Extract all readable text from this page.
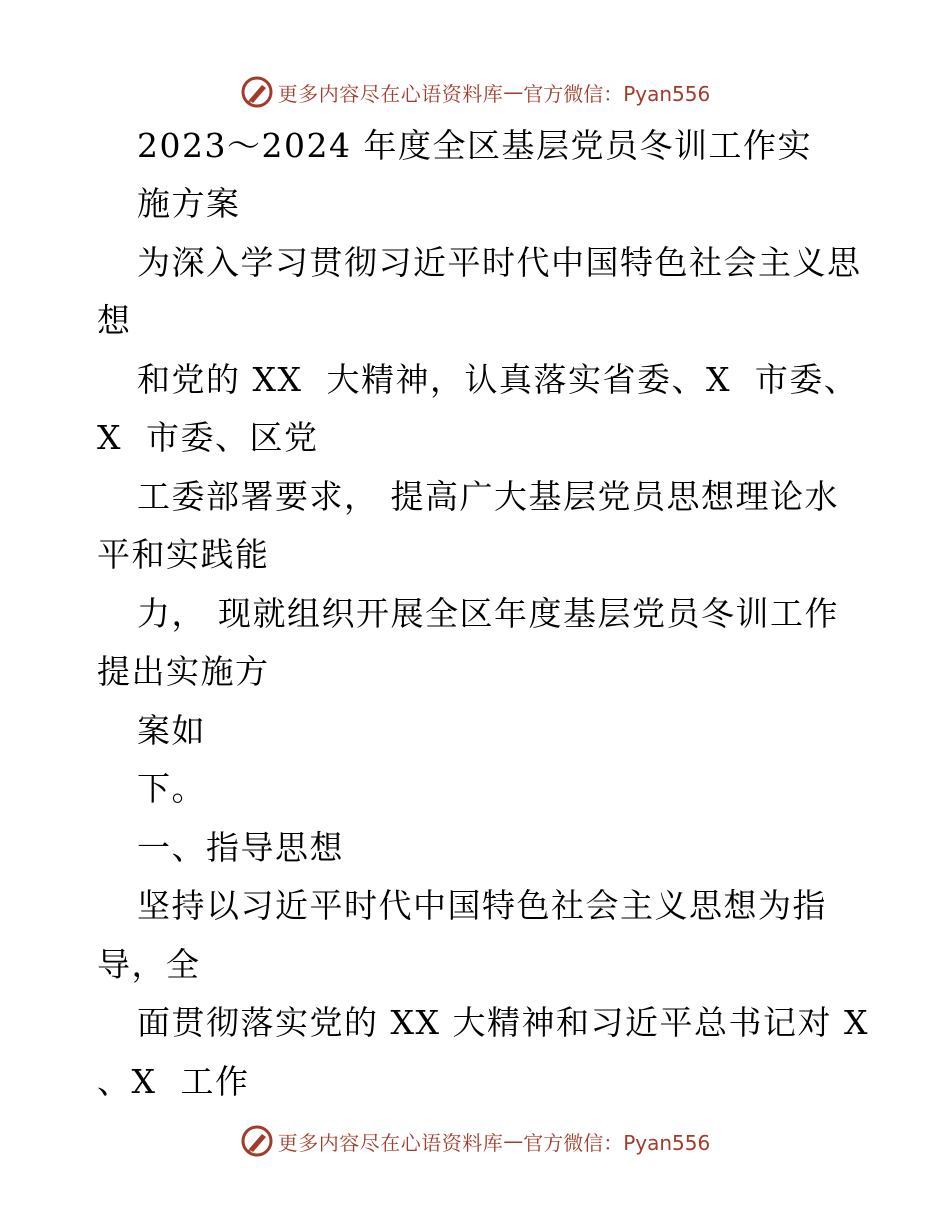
更多内容尽在心语资料库 — 官方微信：Pyan556
2023～2024 年度全区基层党员冬训工作实
施方案
为深入学习贯彻习近平时代中国特色社会主义思
想
和党的 XX  大精神，认真落实省委、X  市委、
X  市委、区党
工委部署要求， 提高广大基层党员思想理论水
平和实践能
力， 现就组织开展全区年度基层党员冬训工作
提出实施方
案如
下。
一、指导思想
坚持以习近平时代中国特色社会主义思想为指
导，全
面贯彻落实党的 XX 大精神和习近平总书记对 X
、X  工作
更多内容尽在心语资料库 — 官方微信：Pyan556
